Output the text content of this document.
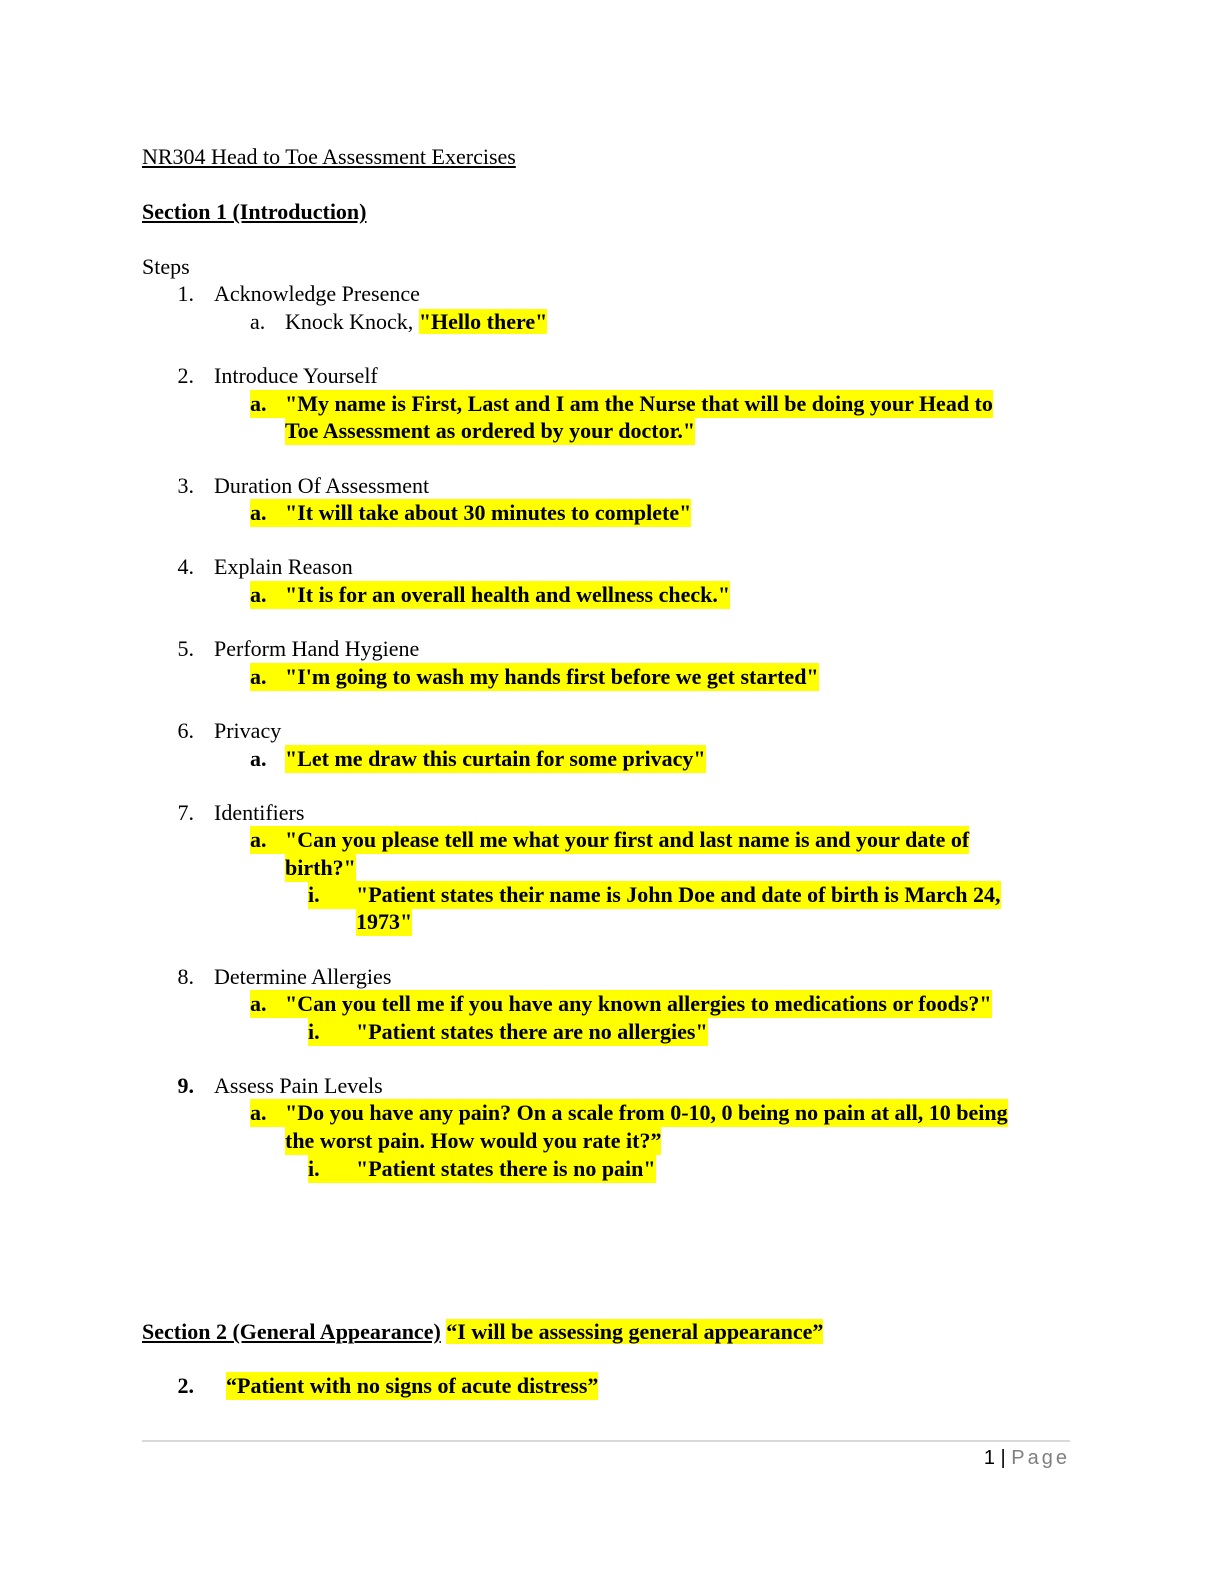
NR304 Head to Toe Assessment Exercises
Section 1 (Introduction)
Steps
1. Acknowledge Presence
a. Knock Knock, "Hello there"
2. Introduce Yourself
a. "My name is First, Last and I am the Nurse that will be doing your Head to
Toe Assessment as ordered by your doctor."
3. Duration Of Assessment
a. "It will take about 30 minutes to complete"
4. Explain Reason
a. "It is for an overall health and wellness check."
5. Perform Hand Hygiene
a. "I'm going to wash my hands first before we get started"
6. Privacy
a. "Let me draw this curtain for some privacy"
7. Identifiers
a. "Can you please tell me what your first and last name is and your date of
birth?"
i.	"Patient states their name is John Doe and date of birth is March 24,
1973"
8. Determine Allergies
a. "Can you tell me if you have any known allergies to medications or foods?"
i.	"Patient states there are no allergies"
9. Assess Pain Levels
a. "Do you have any pain? On a scale from 0-10, 0 being no pain at all, 10 being
the worst pain. How would you rate it?”
i.	"Patient states there is no pain"
Section 2 (General Appearance) “I will be assessing general appearance”
2. “Patient with no signs of acute distress”
1 | Page
